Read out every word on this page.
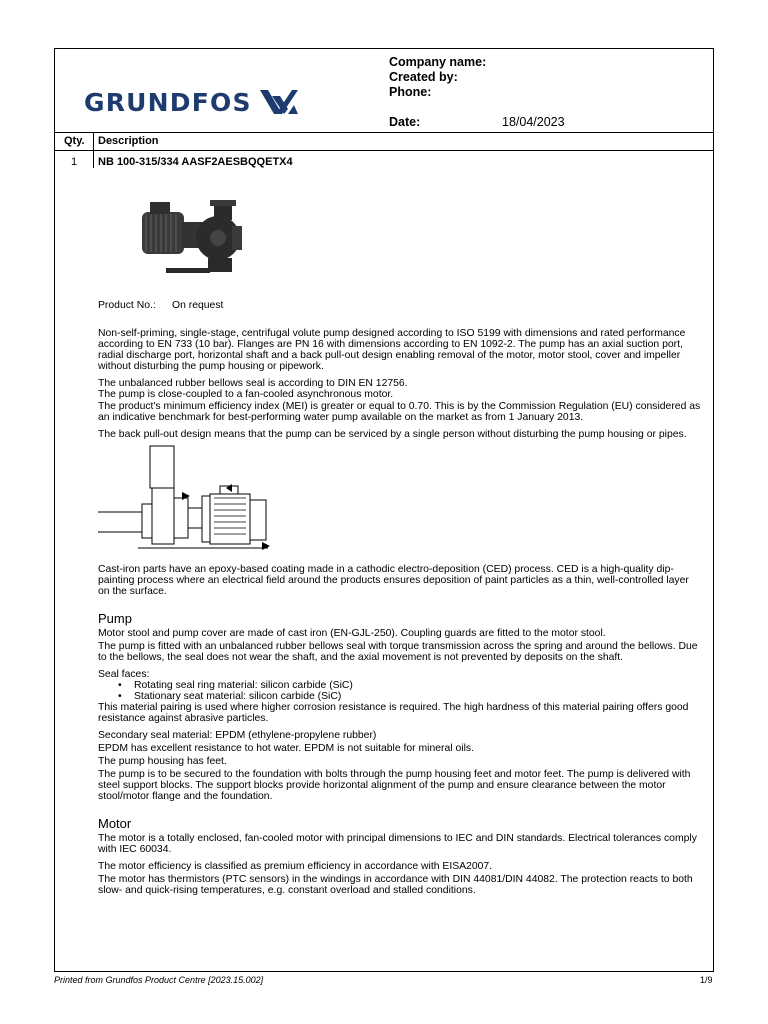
GRUNDFOS
Company name:
Created by:
Phone:
Date:	18/04/2023
Qty. Description
1 NB 100-315/334 AASF2AESBQQETX4

Product No.: On request

Non-self-priming, single-stage, centrifugal volute pump designed according to ISO 5199 with dimensions and rated performance according to EN 733 (10 bar). Flanges are PN 16 with dimensions according to EN 1092-2. The pump has an axial suction port, radial discharge port, horizontal shaft and a back pull-out design enabling removal of the motor, motor stool, cover and impeller without disturbing the pump housing or pipework.

The unbalanced rubber bellows seal is according to DIN EN 12756.

The pump is close-coupled to a fan-cooled asynchronous motor.

The product's minimum efficiency index (MEI) is greater or equal to 0.70. This is by the Commission Regulation (EU) considered as an indicative benchmark for best-performing water pump available on the market as from 1 January 2013.

The back pull-out design means that the pump can be serviced by a single person without disturbing the pump housing or pipes.

Cast-iron parts have an epoxy-based coating made in a cathodic electro-deposition (CED) process. CED is a high-quality dip-painting process where an electrical field around the products ensures deposition of paint particles as a thin, well-controlled layer on the surface.

Pump

Motor stool and pump cover are made of cast iron (EN-GJL-250). Coupling guards are fitted to the motor stool.

The pump is fitted with an unbalanced rubber bellows seal with torque transmission across the spring and around the bellows. Due to the bellows, the seal does not wear the shaft, and the axial movement is not prevented by deposits on the shaft.

Seal faces:

• Rotating seal ring material: silicon carbide (SiC)
• Stationary seat material: silicon carbide (SiC)

This material pairing is used where higher corrosion resistance is required. The high hardness of this material pairing offers good resistance against abrasive particles.

Secondary seal material: EPDM (ethylene-propylene rubber)

EPDM has excellent resistance to hot water. EPDM is not suitable for mineral oils.

The pump housing has feet.

The pump is to be secured to the foundation with bolts through the pump housing feet and motor feet. The pump is delivered with steel support blocks. The support blocks provide horizontal alignment of the pump and ensure clearance between the motor stool/motor flange and the foundation.

Motor

The motor is a totally enclosed, fan-cooled motor with principal dimensions to IEC and DIN standards. Electrical tolerances comply with IEC 60034.

The motor efficiency is classified as premium efficiency in accordance with EISA2007.

The motor has thermistors (PTC sensors) in the windings in accordance with DIN 44081/DIN 44082. The protection reacts to both slow- and quick-rising temperatures, e.g. constant overload and stalled conditions.

Printed from Grundfos Product Centre [2023.15.002]	1/9
